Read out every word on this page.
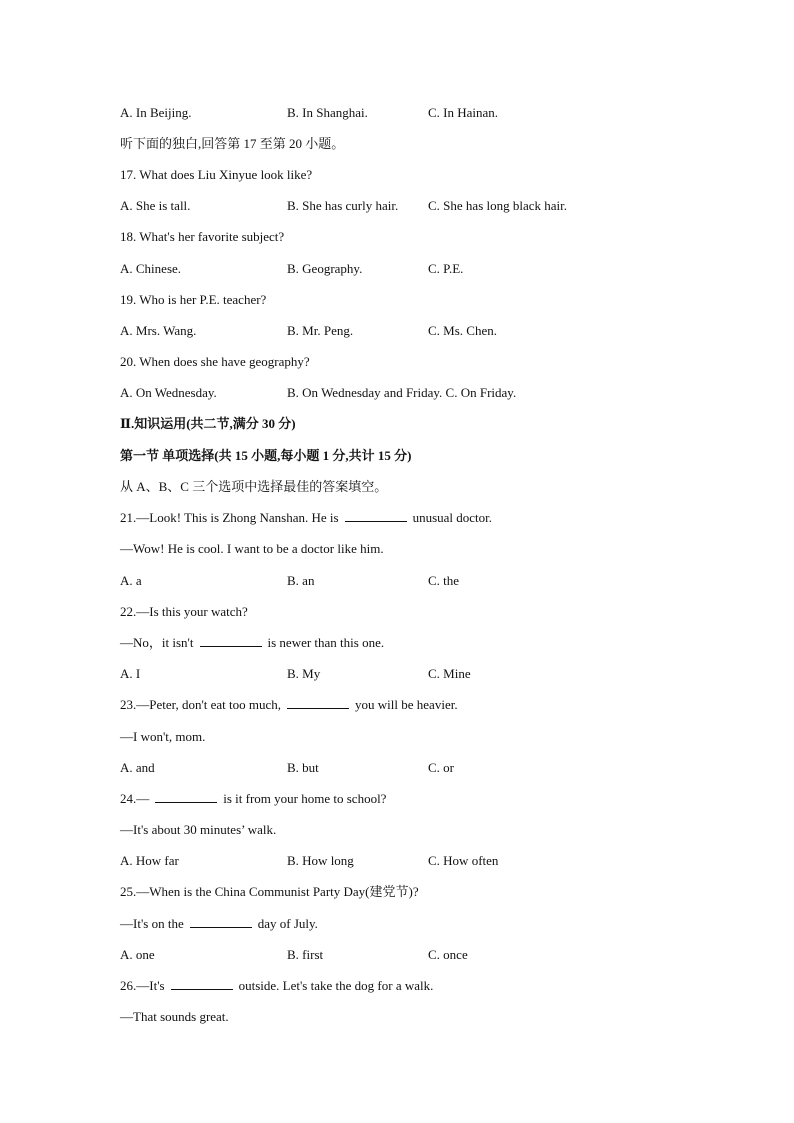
A. In Beijing.	B. In Shanghai.	C. In Hainan.
听下面的独白,回答第 17 至第 20 小题。
17. What does Liu Xinyue look like?
A. She is tall.	B. She has curly hair. C. She has long black hair.
18. What's her favorite subject?
A. Chinese.	B. Geography.	C. P.E.
19. Who is her P.E. teacher?
A. Mrs. Wang.	B. Mr. Peng.	C. Ms. Chen.
20. When does she have geography?
A. On Wednesday.	B. On Wednesday and Friday. C. On Friday.
Ⅱ.知识运用(共二节,满分 30 分)
第一节 单项选择(共 15 小题,每小题 1 分,共计 15 分)
从 A、B、C 三个选项中选择最佳的答案填空。
21.—Look! This is Zhong Nanshan. He is	unusual doctor.
—Wow! He is cool. I want to be a doctor like him.
A. a	B. an	C. the
22.—Is this your watch?
—No，it isn't	is newer than this one.
A. I	B. My	C. Mine
23.—Peter, don't eat too much,	you will be heavier.
—I won't, mom.
A. and	B. but	C. or
24.—	is it from your home to school?
—It's about 30 minutes’ walk.
A. How far	B. How long	C. How often
25.—When is the China Communist Party Day(建党节)?
—It's on the	day of July.
A. one	B. first	C. once
26.—It's	outside. Let's take the dog for a walk.
—That sounds great.
